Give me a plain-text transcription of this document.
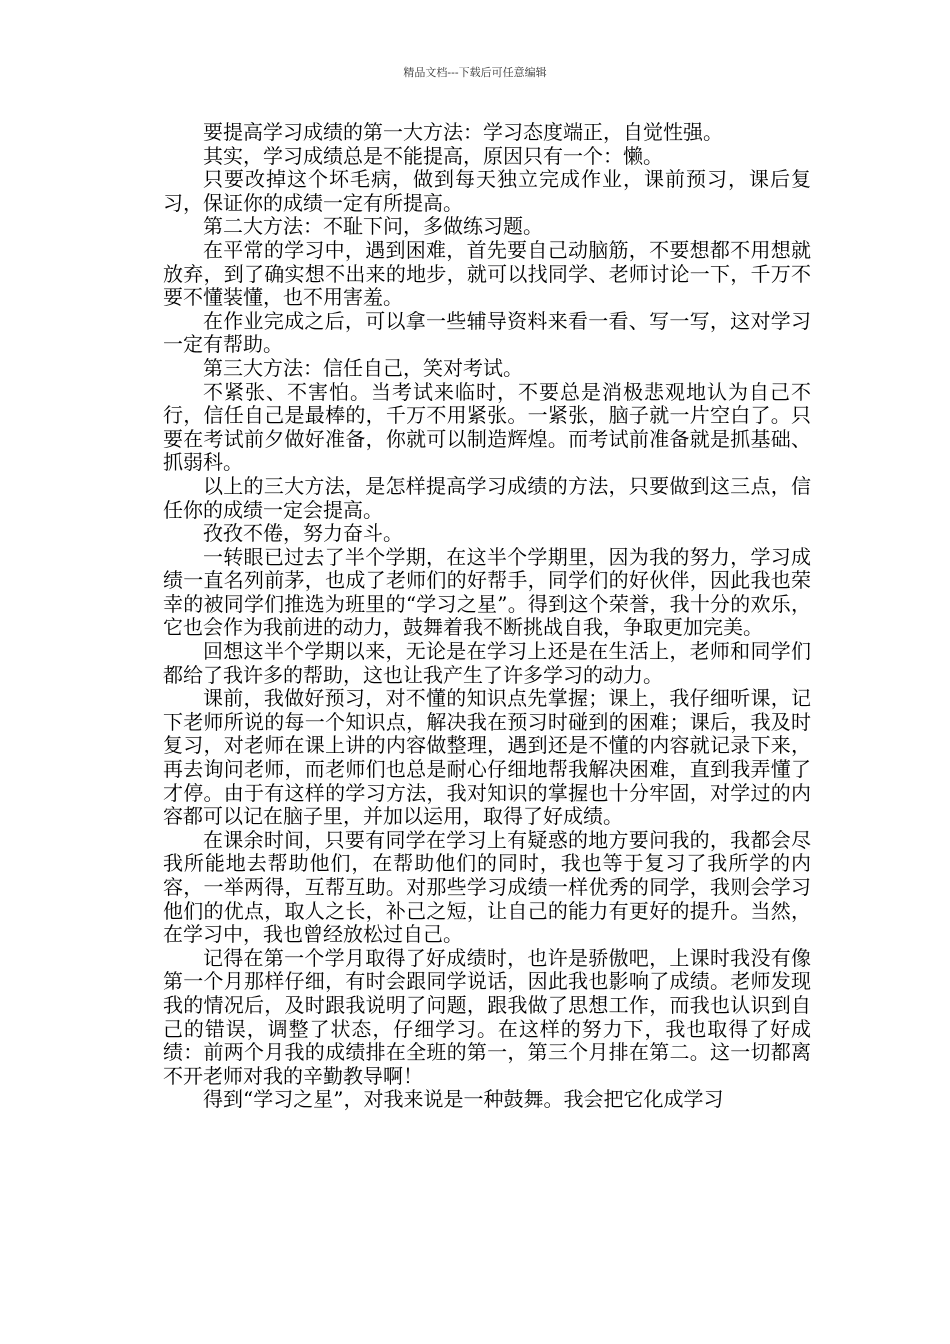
精品文档---下载后可任意编辑

要提高学习成绩的第一大方法：学习态度端正，自觉性强。

其实，学习成绩总是不能提高，原因只有一个：懒。

只要改掉这个坏毛病，做到每天独立完成作业，课前预习，课后复习，保证你的成绩一定有所提高。

第二大方法：不耻下问，多做练习题。

在平常的学习中，遇到困难，首先要自己动脑筋，不要想都不用想就放弃，到了确实想不出来的地步，就可以找同学、老师讨论一下，千万不要不懂装懂，也不用害羞。

在作业完成之后，可以拿一些辅导资料来看一看、写一写，这对学习一定有帮助。

第三大方法：信任自己，笑对考试。

不紧张、不害怕。当考试来临时，不要总是消极悲观地认为自己不行，信任自己是最棒的，千万不用紧张。一紧张，脑子就一片空白了。只要在考试前夕做好准备，你就可以制造辉煌。而考试前准备就是抓基础、抓弱科。

以上的三大方法，是怎样提高学习成绩的方法，只要做到这三点，信任你的成绩一定会提高。

孜孜不倦，努力奋斗。

一转眼已过去了半个学期，在这半个学期里，因为我的努力，学习成绩一直名列前茅，也成了老师们的好帮手，同学们的好伙伴，因此我也荣幸的被同学们推选为班里的“学习之星”。得到这个荣誉，我十分的欢乐，它也会作为我前进的动力，鼓舞着我不断挑战自我，争取更加完美。

回想这半个学期以来，无论是在学习上还是在生活上，老师和同学们都给了我许多的帮助，这也让我产生了许多学习的动力。

课前，我做好预习，对不懂的知识点先掌握；课上，我仔细听课，记下老师所说的每一个知识点，解决我在预习时碰到的困难；课后，我及时复习，对老师在课上讲的内容做整理，遇到还是不懂的内容就记录下来，再去询问老师，而老师们也总是耐心仔细地帮我解决困难，直到我弄懂了才停。由于有这样的学习方法，我对知识的掌握也十分牢固，对学过的内容都可以记在脑子里，并加以运用，取得了好成绩。

在课余时间，只要有同学在学习上有疑惑的地方要问我的，我都会尽我所能地去帮助他们，在帮助他们的同时，我也等于复习了我所学的内容，一举两得，互帮互助。对那些学习成绩一样优秀的同学，我则会学习他们的优点，取人之长，补己之短，让自己的能力有更好的提升。当然，在学习中，我也曾经放松过自己。

记得在第一个学月取得了好成绩时，也许是骄傲吧，上课时我没有像第一个月那样仔细，有时会跟同学说话，因此我也影响了成绩。老师发现我的情况后，及时跟我说明了问题，跟我做了思想工作，而我也认识到自己的错误，调整了状态，仔细学习。在这样的努力下，我也取得了好成绩：前两个月我的成绩排在全班的第一，第三个月排在第二。这一切都离不开老师对我的辛勤教导啊！

得到“学习之星”，对我来说是一种鼓舞。我会把它化成学习
